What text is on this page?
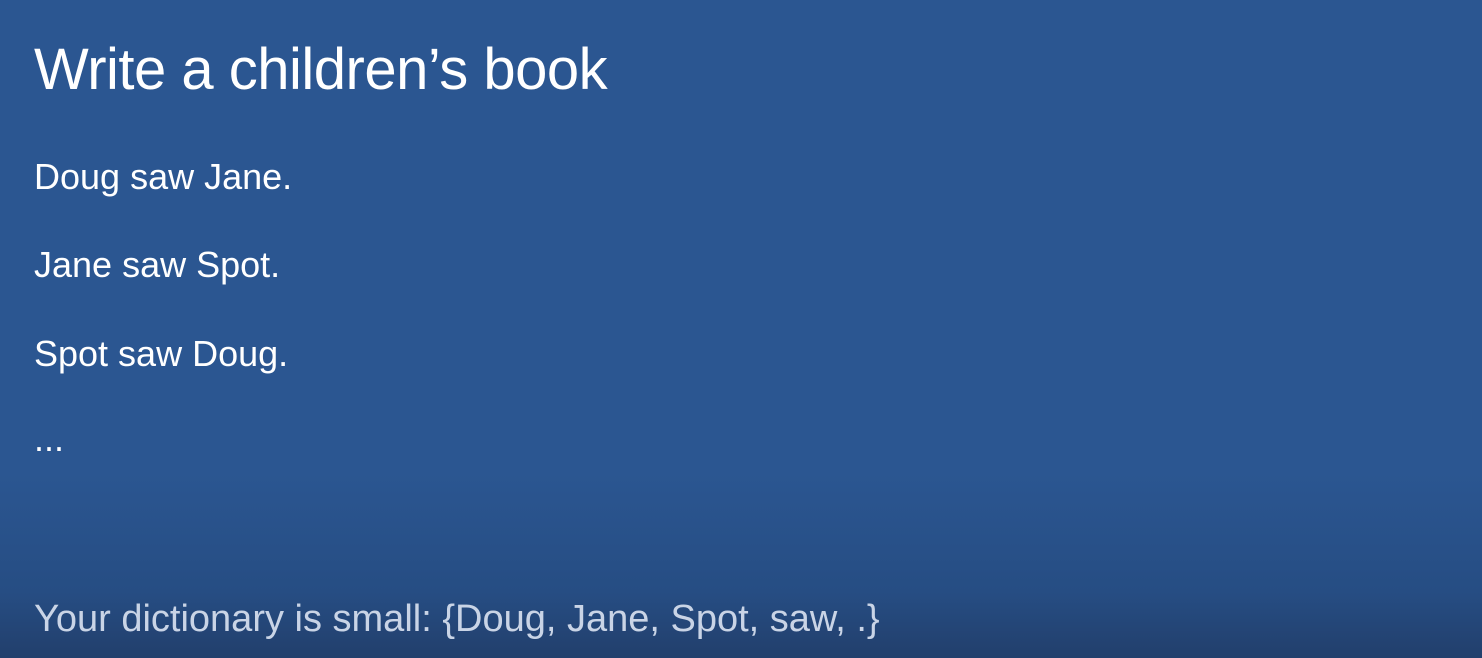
Write a children’s book
Doug saw Jane.
Jane saw Spot.
Spot saw Doug.
...
Your dictionary is small: {Doug, Jane, Spot, saw, .}
